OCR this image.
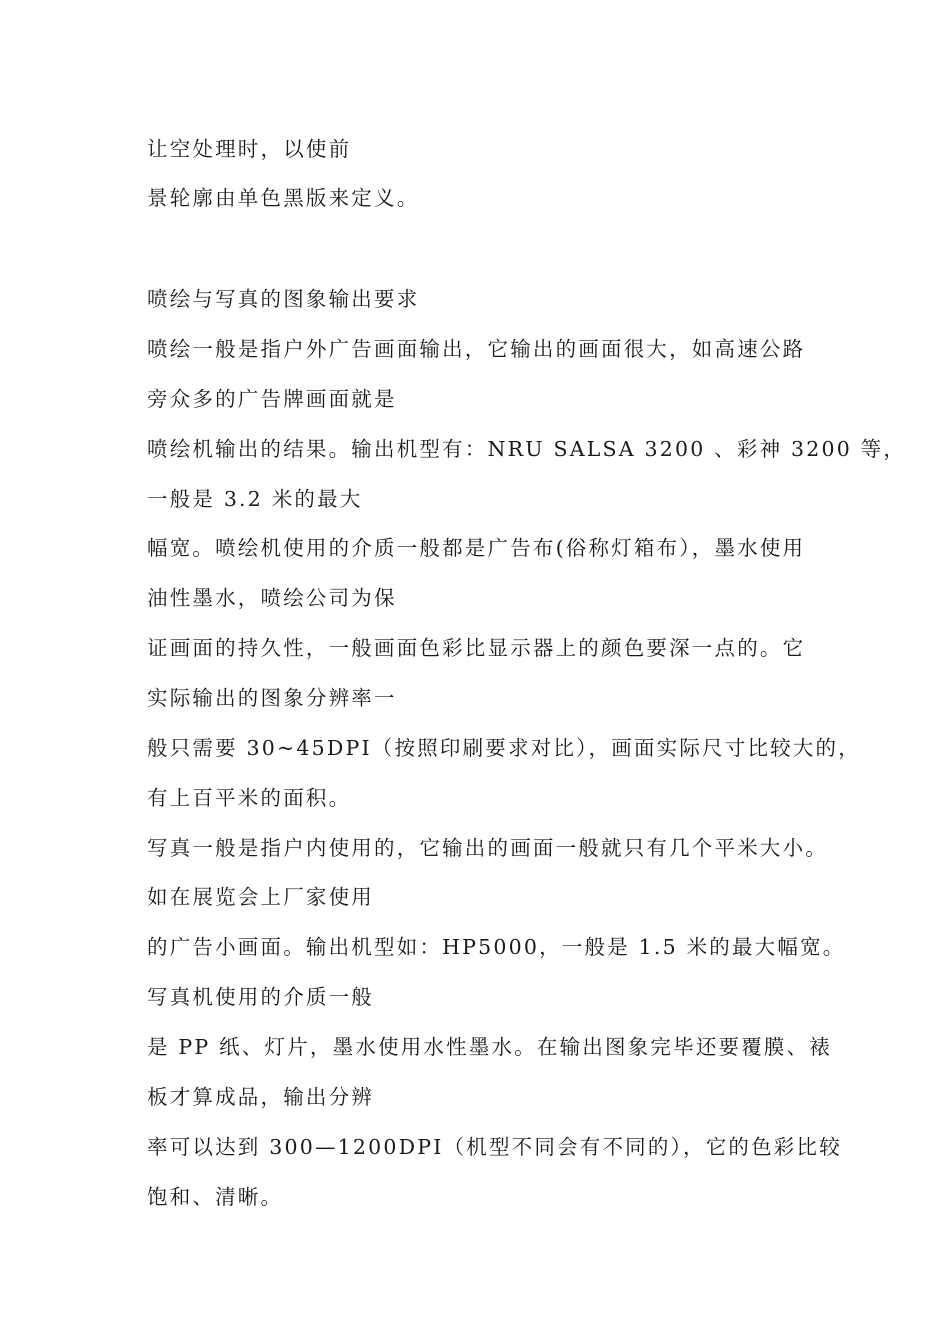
让空处理时，以使前
景轮廓由单色黑版来定义。
喷绘与写真的图象输出要求
喷绘一般是指户外广告画面输出，它输出的画面很大，如高速公路
旁众多的广告牌画面就是
喷绘机输出的结果。输出机型有：NRU SALSA 3200 、彩神 3200 等，
一般是 3.2 米的最大
幅宽。喷绘机使用的介质一般都是广告布(俗称灯箱布），墨水使用
油性墨水，喷绘公司为保
证画面的持久性，一般画面色彩比显示器上的颜色要深一点的。它
实际输出的图象分辨率一
般只需要 30~45DPI（按照印刷要求对比），画面实际尺寸比较大的，
有上百平米的面积。
写真一般是指户内使用的，它输出的画面一般就只有几个平米大小。
如在展览会上厂家使用
的广告小画面。输出机型如：HP5000，一般是 1.5 米的最大幅宽。
写真机使用的介质一般
是 PP 纸、灯片，墨水使用水性墨水。在输出图象完毕还要覆膜、裱
板才算成品，输出分辨
率可以达到 300—1200DPI（机型不同会有不同的），它的色彩比较
饱和、清晰。
